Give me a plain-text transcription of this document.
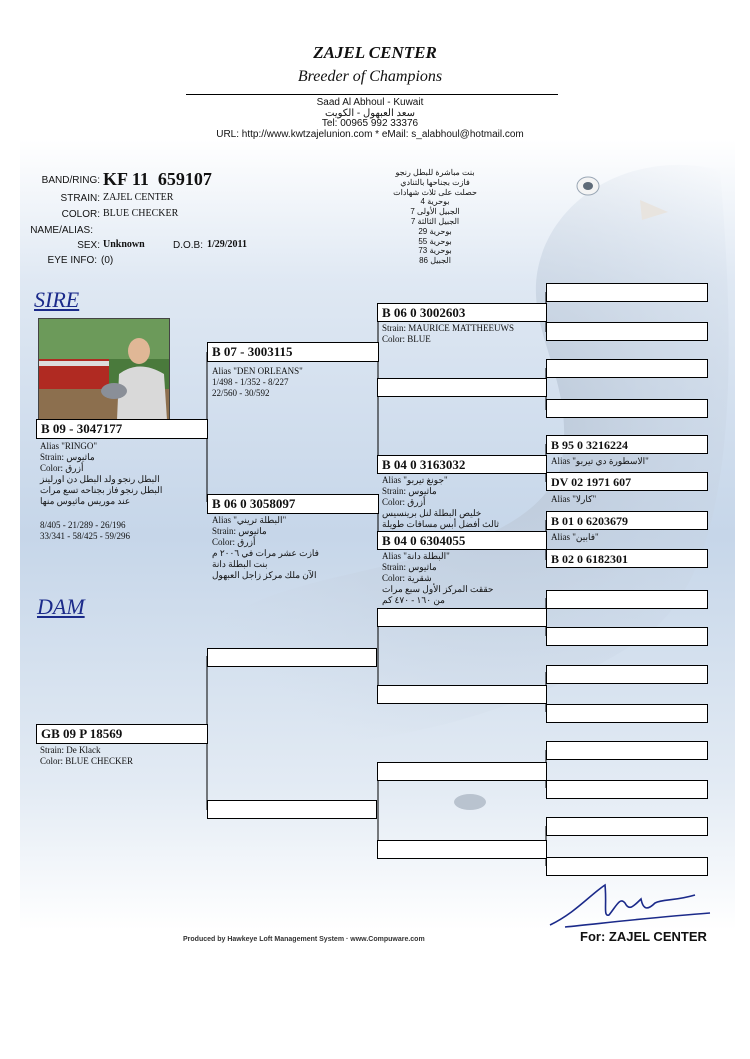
ZAJEL CENTER
Breeder of Champions
Saad Al Abhoul - Kuwait
سعد العبهول - الكويت
Tel: 00965 992 33376
URL: http://www.kwtzajelunion.com * eMail: s_alabhoul@hotmail.com
BAND/RING: KF 11  659107
STRAIN: ZAJEL CENTER
COLOR: BLUE CHECKER
NAME/ALIAS:
SEX: Unknown	D.O.B: 1/29/2011
EYE INFO: (0)
بنت مباشرة للبطل رنجو
فازت بجناحها بالتنادي
حصلت على ثلاث شهادات
بوحرية 4
الجبيل الأولى 7
الجبيل الثالثة 7
بوحرية 29
بوحرية 55
بوحرية 73
الجبيل 86
SIRE
DAM
B 09 - 3047177
Alias "RINGO"
Strain: ماثيوس
Color: أزرق
البطل رنجو ولد البطل دن اورلينز
البطل رنجو فاز بجناحه تسع مرات
عند موريس ماثيوس منها
8/405 - 21/289 - 26/196
33/341 - 58/425 - 59/296
B 07 - 3003115
Alias "DEN ORLEANS"
1/498 - 1/352 - 8/227
22/560 - 30/592
B 06 0 3058097
Alias "البطلة تريني"
Strain: ماثيوس
Color: أزرق
فازت عشر مرات في ٢٠٠٦ م
بنت البطلة دانة
الآن ملك مركز زاجل العبهول
B 06 0 3002603
Strain: MAURICE MATTHEEUWS
Color: BLUE
B 04 0 3163032
Alias "جونغ تيربو"
Strain: ماثيوس
Color: أزرق
خليص البطلة لنل برينسيس
ثالث أفضل أبس مسافات طويلة
B 04 0 6304055
Alias "البطلة دانة"
Strain: ماثيوس
Color: شقرية
حققت المركز الأول سبع مرات
من ١٦٠ - ٤٧٠ كم
B 95 0 3216224
Alias "الاسطورة دي تيربو"
DV 02 1971 607
Alias "كارلا"
B 01 0 6203679
Alias "فابين"
B 02 0 6182301
GB 09 P 18569
Strain: De Klack
Color: BLUE CHECKER
Produced by Hawkeye Loft Management System · www.Compuware.com	For: ZAJEL CENTER
